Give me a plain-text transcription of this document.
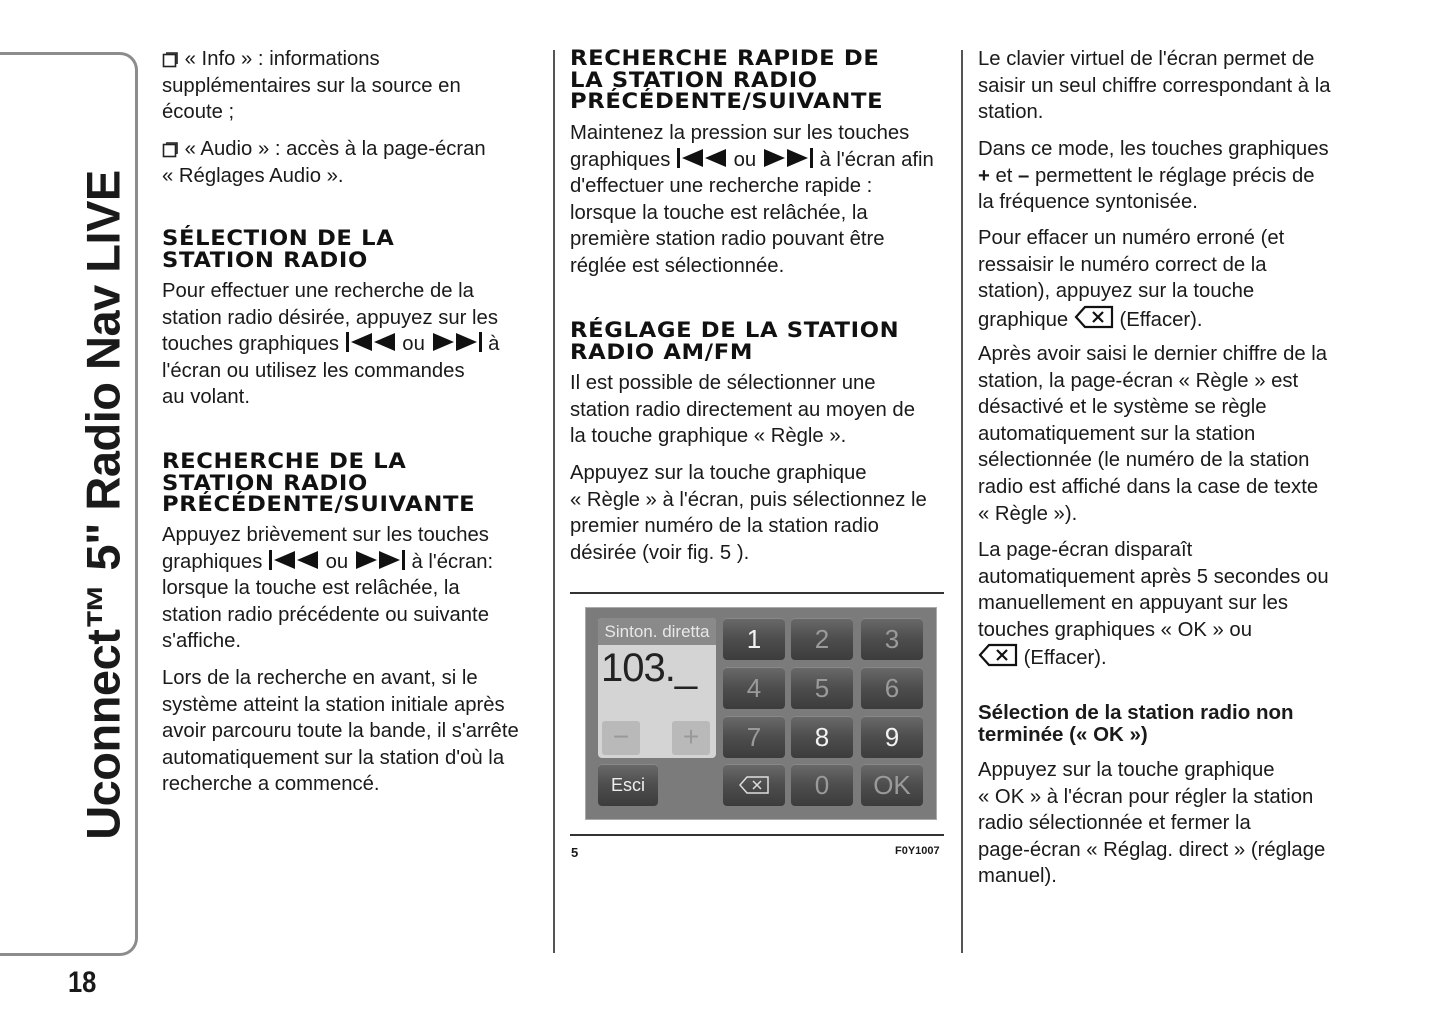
Uconnect™ 5" Radio Nav LIVE
18
« Info » : informations
supplémentaires sur la source en
écoute ;
« Audio » : accès à la page-écran
« Réglages Audio ».
SÉLECTION DE LA
STATION RADIO
Pour effectuer une recherche de la
station radio désirée, appuyez sur les
touches graphiques	ou	à
l'écran ou utilisez les commandes
au volant.
RECHERCHE DE LA
STATION RADIO
PRÉCÉDENTE/SUIVANTE
Appuyez brièvement sur les touches
graphiques	ou	à l'écran:
lorsque la touche est relâchée, la
station radio précédente ou suivante
s'affiche.
Lors de la recherche en avant, si le
système atteint la station initiale après
avoir parcouru toute la bande, il s'arrête
automatiquement sur la station d'où la
recherche a commencé.
RECHERCHE RAPIDE DE
LA STATION RADIO
PRÉCÉDENTE/SUIVANTE
Maintenez la pression sur les touches
graphiques	ou	à l'écran afin
d'effectuer une recherche rapide :
lorsque la touche est relâchée, la
première station radio pouvant être
réglée est sélectionnée.
RÉGLAGE DE LA STATION
RADIO AM/FM
Il est possible de sélectionner une
station radio directement au moyen de
la touche graphique « Règle ».
Appuyez sur la touche graphique
« Règle » à l'écran, puis sélectionnez le
premier numéro de la station radio
désirée (voir fig. 5 ).
Sinton. diretta
103._
−	+
Esci
1	2	3
4	5	6
7	8	9
0	OK
5	F0Y1007
Le clavier virtuel de l'écran permet de
saisir un seul chiffre correspondant à la
station.
Dans ce mode, les touches graphiques
+ et – permettent le réglage précis de
la fréquence syntonisée.
Pour effacer un numéro erroné (et
ressaisir le numéro correct de la
station), appuyez sur la touche
graphique  (Effacer).
Après avoir saisi le dernier chiffre de la
station, la page-écran « Règle » est
désactivé et le système se règle
automatiquement sur la station
sélectionnée (le numéro de la station
radio est affiché dans la case de texte
« Règle »).
La page-écran disparaît
automatiquement après 5 secondes ou
manuellement en appuyant sur les
touches graphiques « OK » ou
(Effacer).
Sélection de la station radio non
terminée (« OK »)
Appuyez sur la touche graphique
« OK » à l'écran pour régler la station
radio sélectionnée et fermer la
page-écran « Réglag. direct » (réglage
manuel).
